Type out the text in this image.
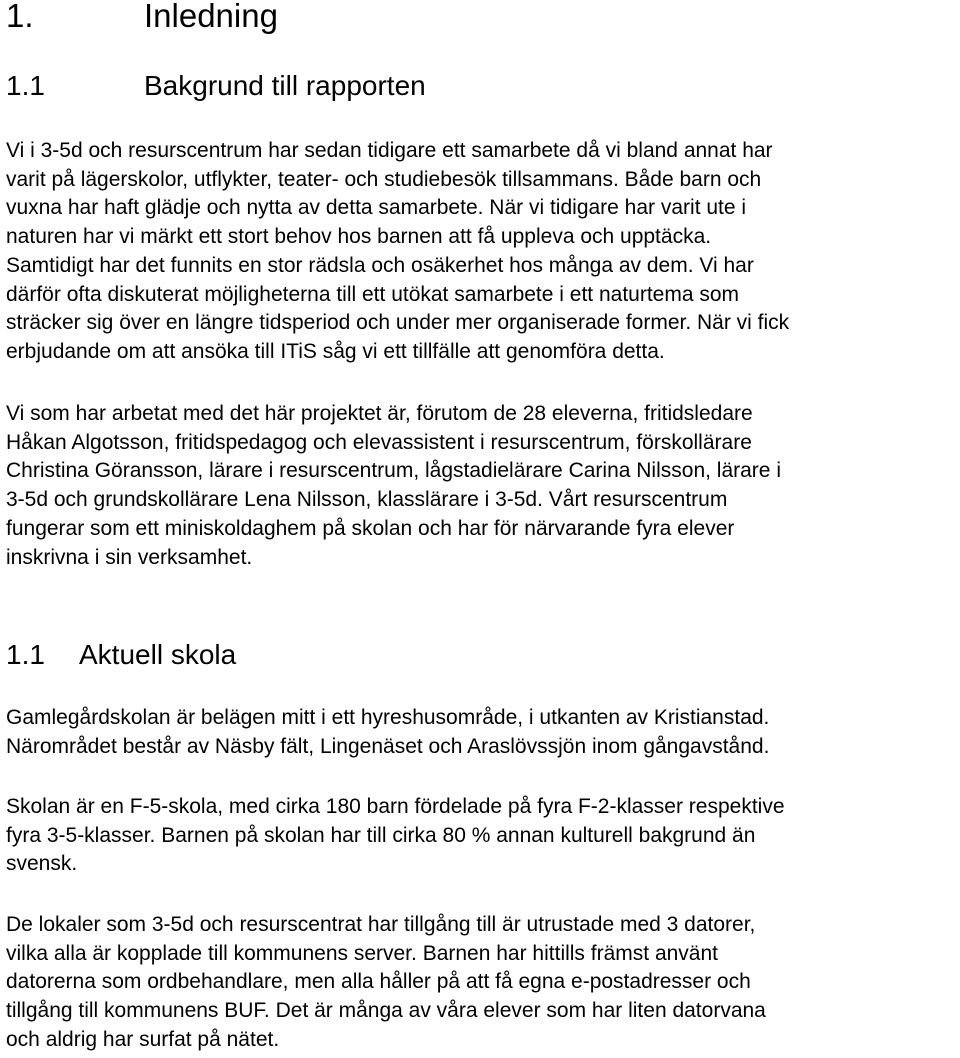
1.	Inledning
1.1	Bakgrund till rapporten

Vi i 3-5d och resurscentrum har sedan tidigare ett samarbete då vi bland annat har
varit på lägerskolor, utflykter, teater- och studiebesök tillsammans. Både barn och
vuxna har haft glädje och nytta av detta samarbete. När vi tidigare har varit ute i
naturen har vi märkt ett stort behov hos barnen att få uppleva och upptäcka.
Samtidigt har det funnits en stor rädsla och osäkerhet hos många av dem. Vi har
därför ofta diskuterat möjligheterna till ett utökat samarbete i ett naturtema som
sträcker sig över en längre tidsperiod och under mer organiserade former. När vi fick
erbjudande om att ansöka till ITiS såg vi ett tillfälle att genomföra detta.

Vi som har arbetat med det här projektet är, förutom de 28 eleverna, fritidsledare
Håkan Algotsson, fritidspedagog och elevassistent i resurscentrum, förskollärare
Christina Göransson, lärare i resurscentrum, lågstadielärare Carina Nilsson, lärare i
3-5d och grundskollärare Lena Nilsson, klasslärare i 3-5d. Vårt resurscentrum
fungerar som ett miniskoldaghem på skolan och har för närvarande fyra elever
inskrivna i sin verksamhet.

1.1 Aktuell skola

Gamlegårdskolan är belägen mitt i ett hyreshusområde, i utkanten av Kristianstad.
Närområdet består av Näsby fält, Lingenäset och Araslövssjön inom gångavstånd.

Skolan är en F-5-skola, med cirka 180 barn fördelade på fyra F-2-klasser respektive
fyra 3-5-klasser. Barnen på skolan har till cirka 80 % annan kulturell bakgrund än
svensk.

De lokaler som 3-5d och resurscentrat har tillgång till är utrustade med 3 datorer,
vilka alla är kopplade till kommunens server. Barnen har hittills främst använt
datorerna som ordbehandlare, men alla håller på att få egna e-postadresser och
tillgång till kommunens BUF. Det är många av våra elever som har liten datorvana
och aldrig har surfat på nätet.
